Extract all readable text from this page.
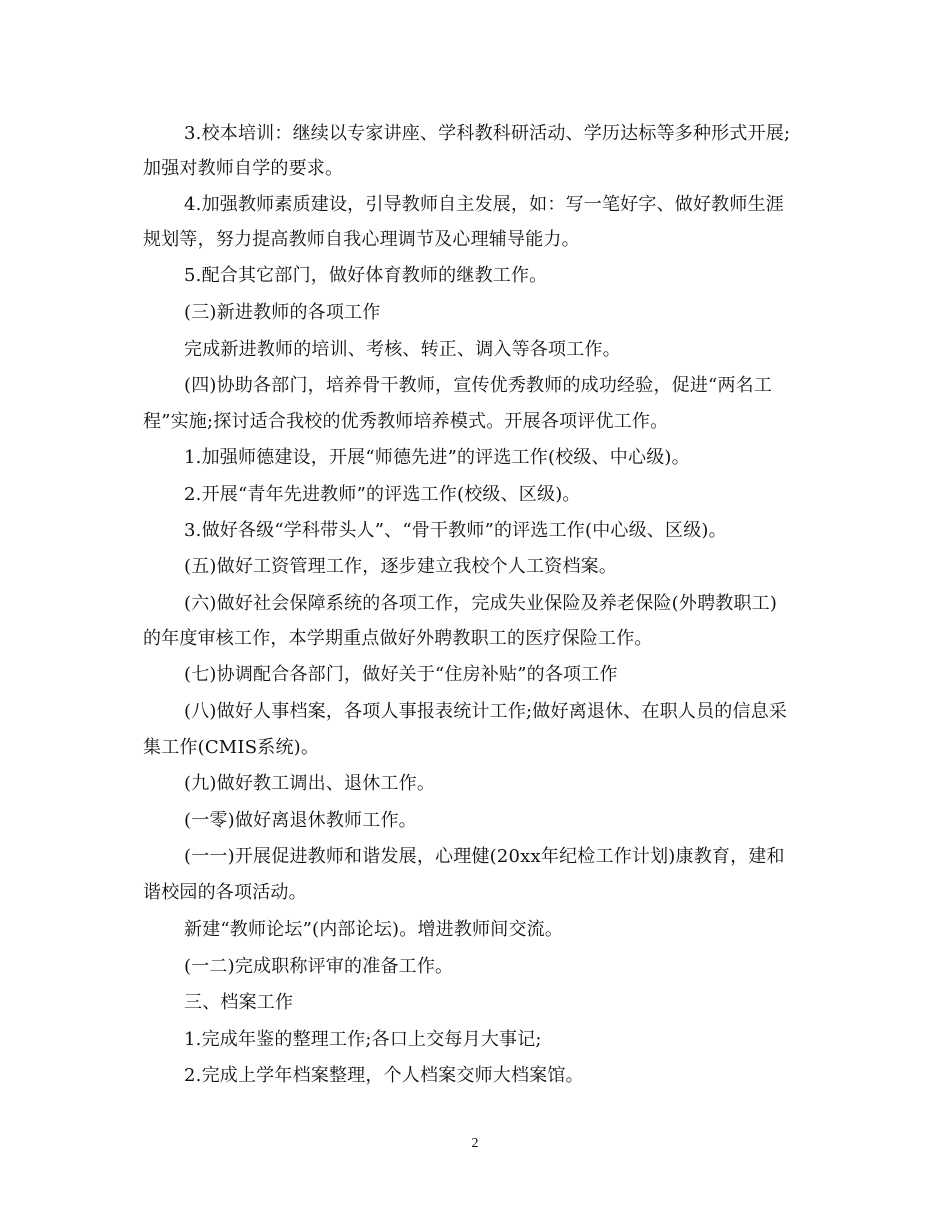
3.校本培训：继续以专家讲座、学科教科研活动、学历达标等多种形式开展;
加强对教师自学的要求。
4.加强教师素质建设，引导教师自主发展，如：写一笔好字、做好教师生涯
规划等，努力提高教师自我心理调节及心理辅导能力。
5.配合其它部门，做好体育教师的继教工作。
(三)新进教师的各项工作
完成新进教师的培训、考核、转正、调入等各项工作。
(四)协助各部门，培养骨干教师，宣传优秀教师的成功经验，促进“两名工
程”实施;探讨适合我校的优秀教师培养模式。开展各项评优工作。
1.加强师德建设，开展“师德先进”的评选工作(校级、中心级)。
2.开展“青年先进教师”的评选工作(校级、区级)。
3.做好各级“学科带头人”、“骨干教师”的评选工作(中心级、区级)。
(五)做好工资管理工作，逐步建立我校个人工资档案。
(六)做好社会保障系统的各项工作，完成失业保险及养老保险(外聘教职工)
的年度审核工作，本学期重点做好外聘教职工的医疗保险工作。
(七)协调配合各部门，做好关于“住房补贴”的各项工作
(八)做好人事档案，各项人事报表统计工作;做好离退休、在职人员的信息采
集工作(CMIS系统)。
(九)做好教工调出、退休工作。
(一零)做好离退休教师工作。
(一一)开展促进教师和谐发展，心理健(20xx年纪检工作计划)康教育，建和
谐校园的各项活动。
新建“教师论坛”(内部论坛)。增进教师间交流。
(一二)完成职称评审的准备工作。
三、档案工作
1.完成年鉴的整理工作;各口上交每月大事记;
2.完成上学年档案整理，个人档案交师大档案馆。
2
